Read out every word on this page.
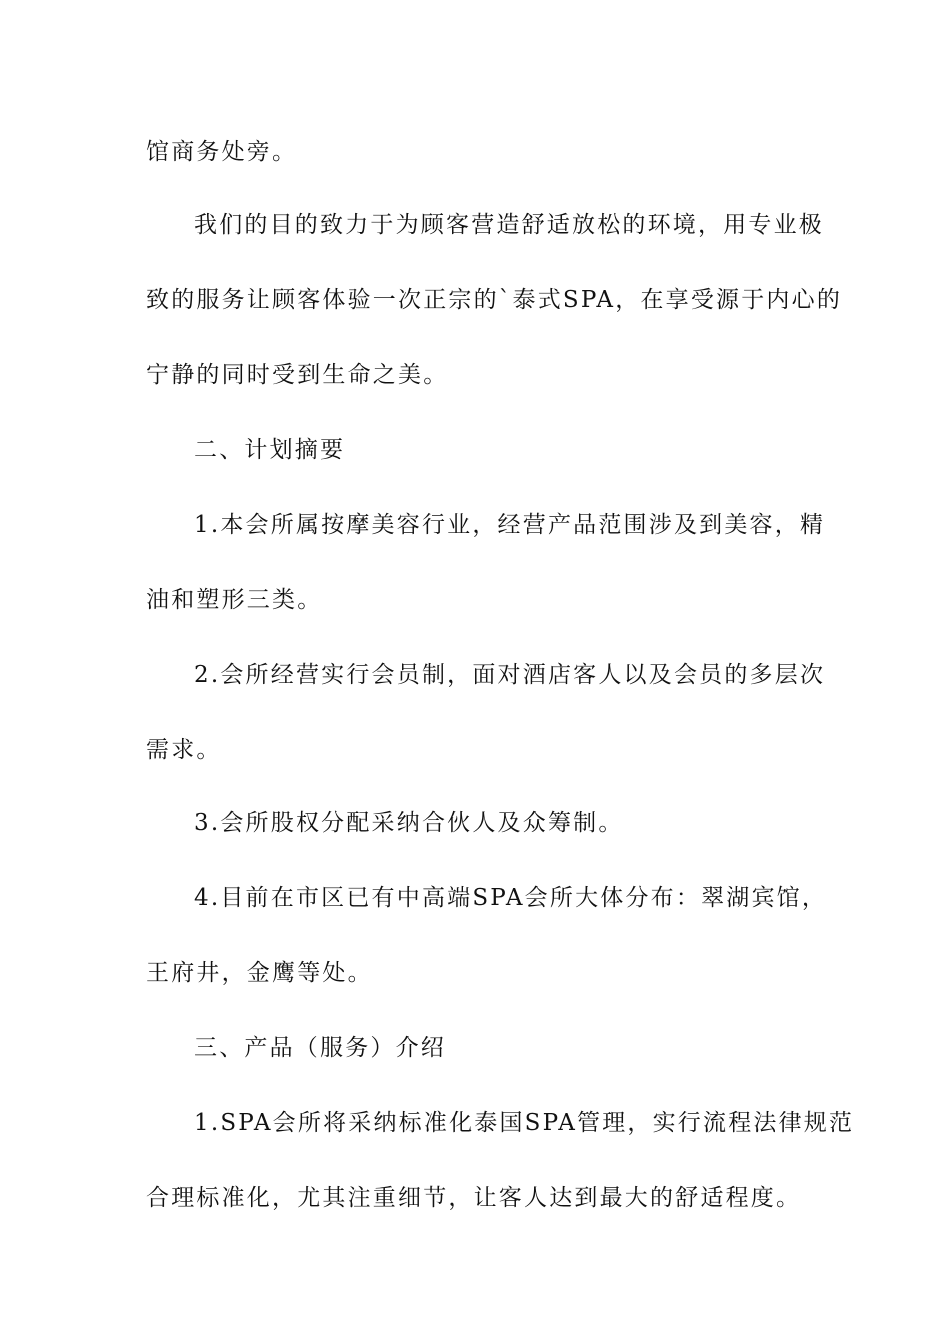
馆商务处旁。
我们的目的致力于为顾客营造舒适放松的环境，用专业极
致的服务让顾客体验一次正宗的`泰式SPA，在享受源于内心的
宁静的同时受到生命之美。
二、计划摘要
1.本会所属按摩美容行业，经营产品范围涉及到美容，精
油和塑形三类。
2.会所经营实行会员制，面对酒店客人以及会员的多层次
需求。
3.会所股权分配采纳合伙人及众筹制。
4.目前在市区已有中高端SPA会所大体分布：翠湖宾馆，
王府井，金鹰等处。
三、产品（服务）介绍
1.SPA会所将采纳标准化泰国SPA管理，实行流程法律规范
合理标准化，尤其注重细节，让客人达到最大的舒适程度。
